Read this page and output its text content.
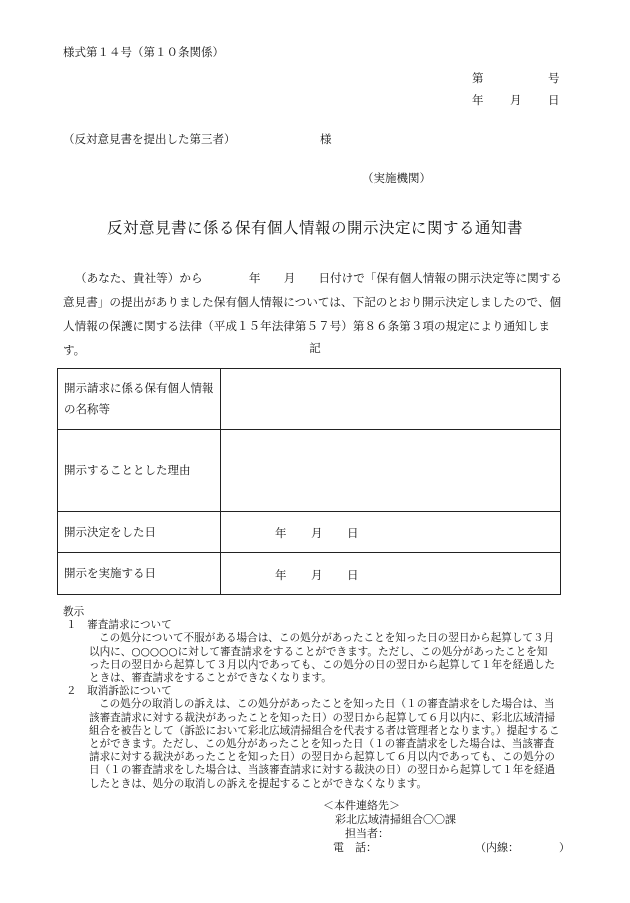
様式第１４号（第１０条関係）
第	号
年 月 日
（反対意見書を提出した第三者）	様
（実施機関）
反対意見書に係る保有個人情報の開示決定に関する通知書

（あなた、貴社等）から　　　　年　　月　　日付けで「保有個人情報の開示決定等に関する

意見書」の提出がありました保有個人情報については、下記のとおり開示決定しましたので、個

人情報の保護に関する法律（平成１５年法律第５７号）第８６条第３項の規定により通知します。	記
開示請求に係る保有個人情報
の名称等	

開示することとした理由	
開示決定をした日	年 月 日

開示を実施する日	年 月 日
教示
１　審査請求について
この処分について不服がある場合は、この処分があったことを知った日の翌日から起算して３月
以内に、○○○○○に対して審査請求をすることができます。ただし、この処分があったことを知
った日の翌日から起算して３月以内であっても、この処分の日の翌日から起算して１年を経過した
ときは、審査請求をすることができなくなります。
２　取消訴訟について
この処分の取消しの訴えは、この処分があったことを知った日（１の審査請求をした場合は、当
該審査請求に対する裁決があったことを知った日）の翌日から起算して６月以内に、彩北広域清掃
組合を被告として（訴訟において彩北広域清掃組合を代表する者は管理者となります。）提起するこ
とができます。ただし、この処分があったことを知った日（１の審査請求をした場合は、当該審査
請求に対する裁決があったことを知った日）の翌日から起算して６月以内であっても、この処分の
日（１の審査請求をした場合は、当該審査請求に対する裁決の日）の翌日から起算して１年を経過
したときは、処分の取消しの訴えを提起することができなくなります。
＜本件連絡先＞
彩北広域清掃組合〇〇課
担当者：
電　話：	（内線：	）
